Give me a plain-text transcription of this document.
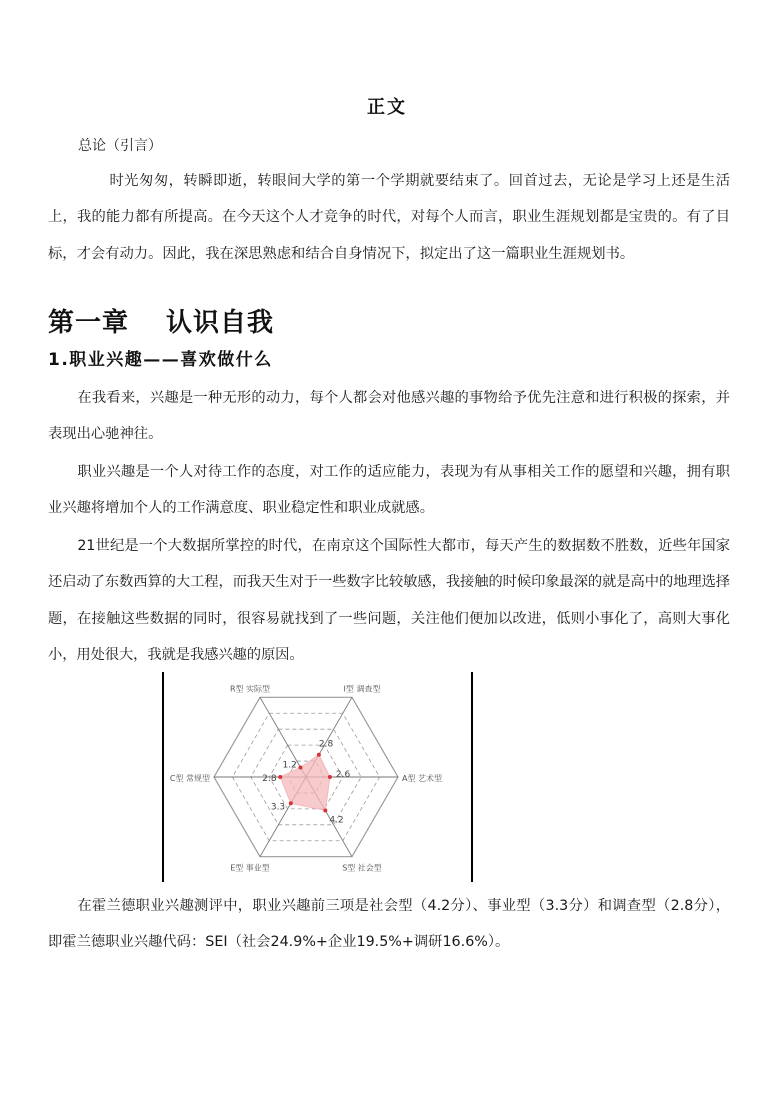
正文
总论（引言）

时光匆匆，转瞬即逝，转眼间大学的第一个学期就要结束了。回首过去，无论是学习上还是生活上，我的能力都有所提高。在今天这个人才竞争的时代，对每个人而言，职业生涯规划都是宝贵的。有了目标，才会有动力。因此，我在深思熟虑和结合自身情况下，拟定出了这一篇职业生涯规划书。

第一章　 认识自我
1.职业兴趣——喜欢做什么

在我看来，兴趣是一种无形的动力，每个人都会对他感兴趣的事物给予优先注意和进行积极的探索，并表现出心驰神往。

职业兴趣是一个人对待工作的态度，对工作的适应能力，表现为有从事相关工作的愿望和兴趣，拥有职业兴趣将增加个人的工作满意度、职业稳定性和职业成就感。

21世纪是一个大数据所掌控的时代，在南京这个国际性大都市，每天产生的数据数不胜数，近些年国家还启动了东数西算的大工程，而我天生对于一些数字比较敏感，我接触的时候印象最深的就是高中的地理选择题，在接触这些数据的同时，很容易就找到了一些问题，关注他们便加以改进，低则小事化了，高则大事化小，用处很大，我就是我感兴趣的原因。

1.2
2.8
2.6
4.2
3.3
2.8
R型 实际型	I型 调查型
A型 艺术型
S型 社会型
E型 事业型
C型 常规型

在霍兰德职业兴趣测评中，职业兴趣前三项是社会型（4.2分）、事业型（3.3分）和调查型（2.8分），即霍兰德职业兴趣代码：SEI（社会24.9%+企业19.5%+调研16.6%）。
